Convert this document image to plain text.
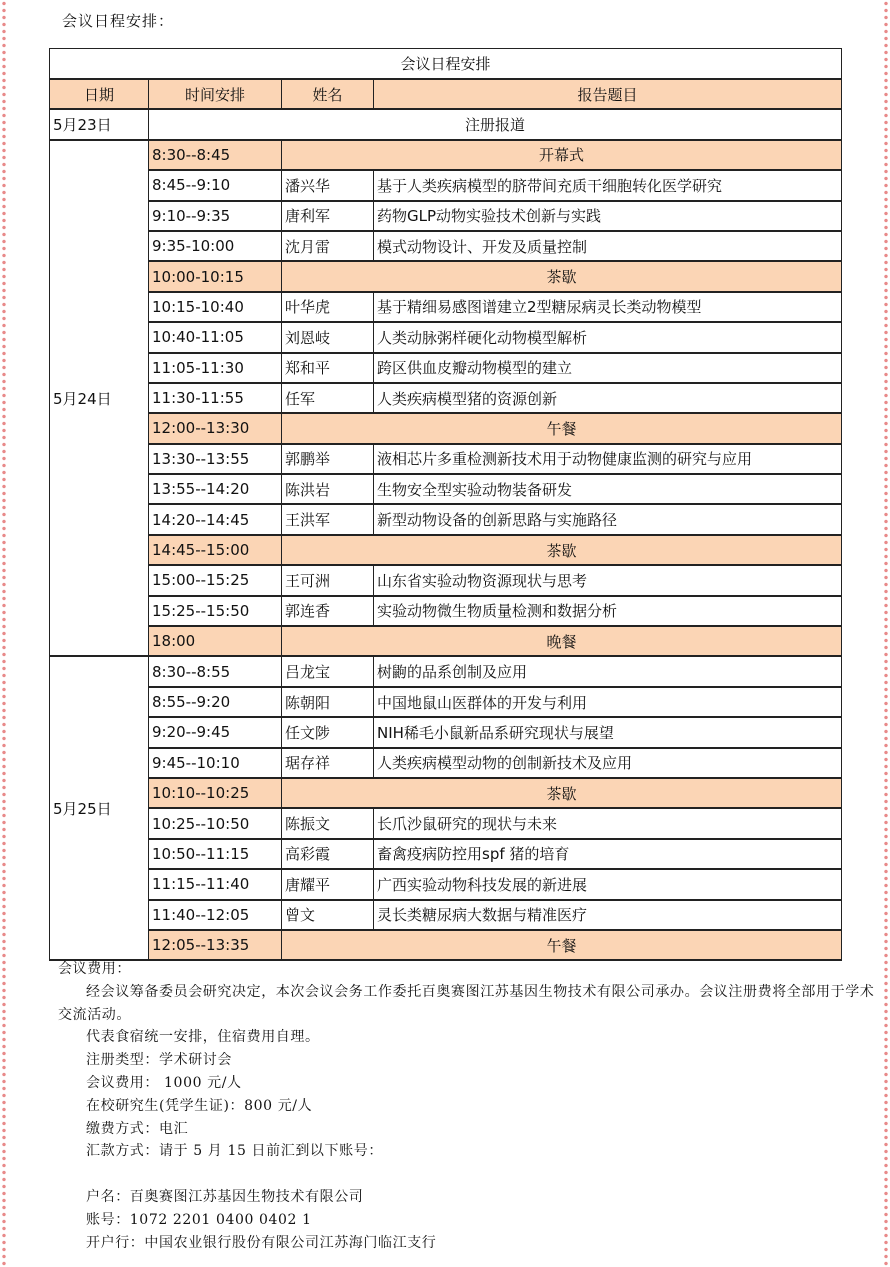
会议日程安排：
会议日程安排			
日期	时间安排	姓名	报告题目
5月23日	注册报道		
5月24日	8:30--8:45	开幕式	
	8:45--9:10	潘兴华	基于人类疾病模型的脐带间充质干细胞转化医学研究
	9:10--9:35	唐利军	药物GLP动物实验技术创新与实践
	9:35-10:00	沈月雷	模式动物设计、开发及质量控制
	10:00-10:15	茶歇	
	10:15-10:40	叶华虎	基于精细易感图谱建立2型糖尿病灵长类动物模型
	10:40-11:05	刘恩岐	人类动脉粥样硬化动物模型解析
	11:05-11:30	郑和平	跨区供血皮瓣动物模型的建立
	11:30-11:55	任军	人类疾病模型猪的资源创新
	12:00--13:30	午餐	
	13:30--13:55	郭鹏举	液相芯片多重检测新技术用于动物健康监测的研究与应用
	13:55--14:20	陈洪岩	生物安全型实验动物装备研发
	14:20--14:45	王洪军	新型动物设备的创新思路与实施路径
	14:45--15:00	茶歇	
	15:00--15:25	王可洲	山东省实验动物资源现状与思考
	15:25--15:50	郭连香	实验动物微生物质量检测和数据分析
	18:00	晚餐	
5月25日	8:30--8:55	吕龙宝	树鼩的品系创制及应用
	8:55--9:20	陈朝阳	中国地鼠山医群体的开发与利用
	9:20--9:45	任文陟	NIH稀毛小鼠新品系研究现状与展望
	9:45--10:10	琚存祥	人类疾病模型动物的创制新技术及应用
	10:10--10:25	茶歇	
	10:25--10:50	陈振文	长爪沙鼠研究的现状与未来
	10:50--11:15	高彩霞	畜禽疫病防控用spf 猪的培育
	11:15--11:40	唐耀平	广西实验动物科技发展的新进展
	11:40--12:05	曾文	灵长类糖尿病大数据与精准医疗
	12:05--13:35	午餐	

会议费用：

经会议筹备委员会研究决定，本次会议会务工作委托百奥赛图江苏基因生物技术有限公司承办。会议注册费将全部用于学术交流活动。

代表食宿统一安排，住宿费用自理。

注册类型：学术研讨会

会议费用： 1000 元/人

在校研究生(凭学生证)：800 元/人

缴费方式：电汇

汇款方式：请于 5 月 15 日前汇到以下账号：

户名：百奥赛图江苏基因生物技术有限公司

账号：1072 2201 0400 0402 1

开户行：中国农业银行股份有限公司江苏海门临江支行
